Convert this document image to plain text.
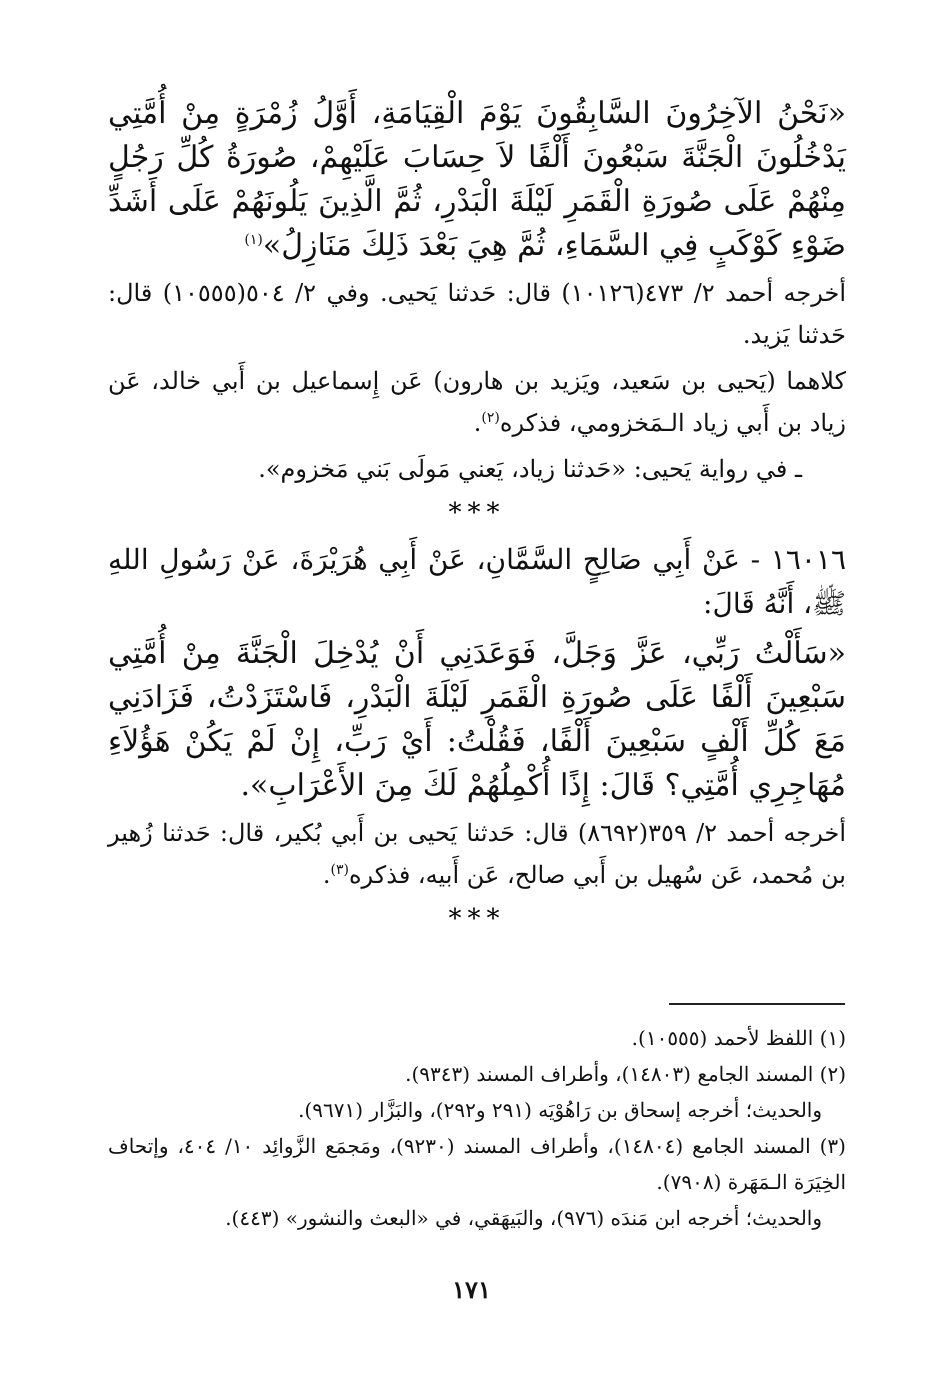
«نَحْنُ الآخِرُونَ السَّابِقُونَ يَوْمَ الْقِيَامَةِ، أَوَّلُ زُمْرَةٍ مِنْ أُمَّتِي يَدْخُلُونَ الْجَنَّةَ سَبْعُونَ أَلْفًا لاَ حِسَابَ عَلَيْهِمْ، صُورَةُ كُلِّ رَجُلٍ مِنْهُمْ عَلَى صُورَةِ الْقَمَرِ لَيْلَةَ الْبَدْرِ، ثُمَّ الَّذِينَ يَلُونَهُمْ عَلَى أَشَدِّ ضَوْءِ كَوْكَبٍ فِي السَّمَاءِ، ثُمَّ هِيَ بَعْدَ ذَلِكَ مَنَازِلُ»$^{(١)}$

أخرجه أحمد ٢/ ٤٧٣(١٠١٢٦) قال: حَدثنا يَحيى. وفي ٢/ ٥٠٤(١٠٥٥٥) قال: حَدثنا يَزيد.

كلاهما (يَحيى بن سَعيد، ويَزيد بن هارون) عَن إِسماعيل بن أَبي خالد، عَن زياد بن أَبي زياد الـمَخزومي، فذكره$^{(٢)}$.

ـ في رواية يَحيى: «حَدثنا زياد، يَعني مَولَى بَني مَخزوم».

***

١٦٠١٦ - عَنْ أَبِي صَالِحٍ السَّمَّانِ، عَنْ أَبِي هُرَيْرَةَ، عَنْ رَسُولِ اللهِ ﷺ، أَنَّهُ قَالَ:

«سَأَلْتُ رَبِّي، عَزَّ وَجَلَّ، فَوَعَدَنِي أَنْ يُدْخِلَ الْجَنَّةَ مِنْ أُمَّتِي سَبْعِينَ أَلْفًا عَلَى صُورَةِ الْقَمَرِ لَيْلَةَ الْبَدْرِ، فَاسْتَزَدْتُ، فَزَادَنِي مَعَ كُلِّ أَلْفٍ سَبْعِينَ أَلْفًا، فَقُلْتُ: أَيْ رَبِّ، إِنْ لَمْ يَكُنْ هَؤُلاَءِ مُهَاجِرِي أُمَّتِي؟ قَالَ: إِذًا أُكْمِلُهُمْ لَكَ مِنَ الأَعْرَابِ».

أخرجه أحمد ٢/ ٣٥٩(٨٦٩٢) قال: حَدثنا يَحيى بن أَبي بُكير، قال: حَدثنا زُهير بن مُحمد، عَن سُهيل بن أَبي صالح، عَن أَبيه، فذكره$^{(٣)}$.

***

(١) اللفظ لأحمد (١٠٥٥٥).

(٢) المسند الجامع (١٤٨٠٣)، وأطراف المسند (٩٣٤٣).

والحديث؛ أخرجه إسحاق بن رَاهُوْيَه (٢٩١ و٢٩٢)، والبَزَّار (٩٦٧١).

(٣) المسند الجامع (١٤٨٠٤)، وأطراف المسند (٩٢٣٠)، ومَجمَع الزَّوائِد ١٠/ ٤٠٤، وإتحاف الخِيَرَة الـمَهَرة (٧٩٠٨).

والحديث؛ أخرجه ابن مَندَه (٩٧٦)، والبَيهَقي، في «البعث والنشور» (٤٤٣).

١٧١
